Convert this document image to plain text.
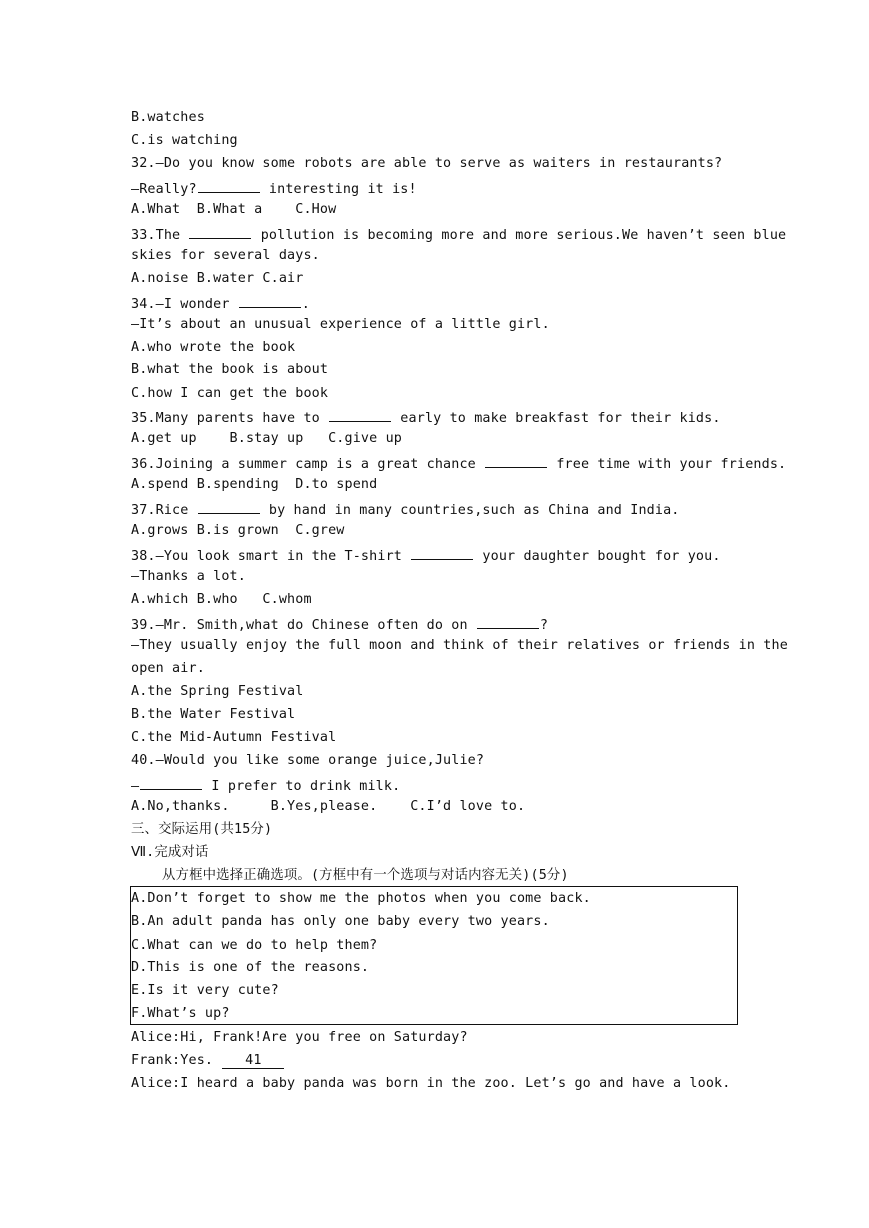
B.watches
C.is watching
32.—Do you know some robots are able to serve as waiters in restaurants?
—Really?	interesting it is!
A.What  B.What a    C.How
33.The	pollution is becoming more and more serious.We haven’t seen blue
skies for several days.
A.noise B.water C.air
34.—I wonder	.
—It’s about an unusual experience of a little girl.
A.who wrote the book
B.what the book is about
C.how I can get the book
35.Many parents have to	early to make breakfast for their kids.
A.get up    B.stay up   C.give up
36.Joining a summer camp is a great chance	free time with your friends.
A.spend B.spending  D.to spend
37.Rice	by hand in many countries,such as China and India.
A.grows B.is grown  C.grew
38.—You look smart in the T-shirt	your daughter bought for you.
—Thanks a lot.
A.which B.who   C.whom
39.—Mr. Smith,what do Chinese often do on	?
—They usually enjoy the full moon and think of their relatives or friends in the
open air.
A.the Spring Festival
B.the Water Festival
C.the Mid-Autumn Festival
40.—Would you like some orange juice,Julie?
—	I prefer to drink milk.
A.No,thanks.     B.Yes,please.    C.I’d love to.
三、交际运用(共15分)
Ⅶ.完成对话
从方框中选择正确选项。(方框中有一个选项与对话内容无关)(5分)
A.Don’t forget to show me the photos when you come back.
B.An adult panda has only one baby every two years.
C.What can we do to help them?
D.This is one of the reasons.
E.Is it very cute?
F.What’s up?
Alice:Hi, Frank!Are you free on Saturday?
Frank:Yes. 41
Alice:I heard a baby panda was born in the zoo. Let’s go and have a look.
